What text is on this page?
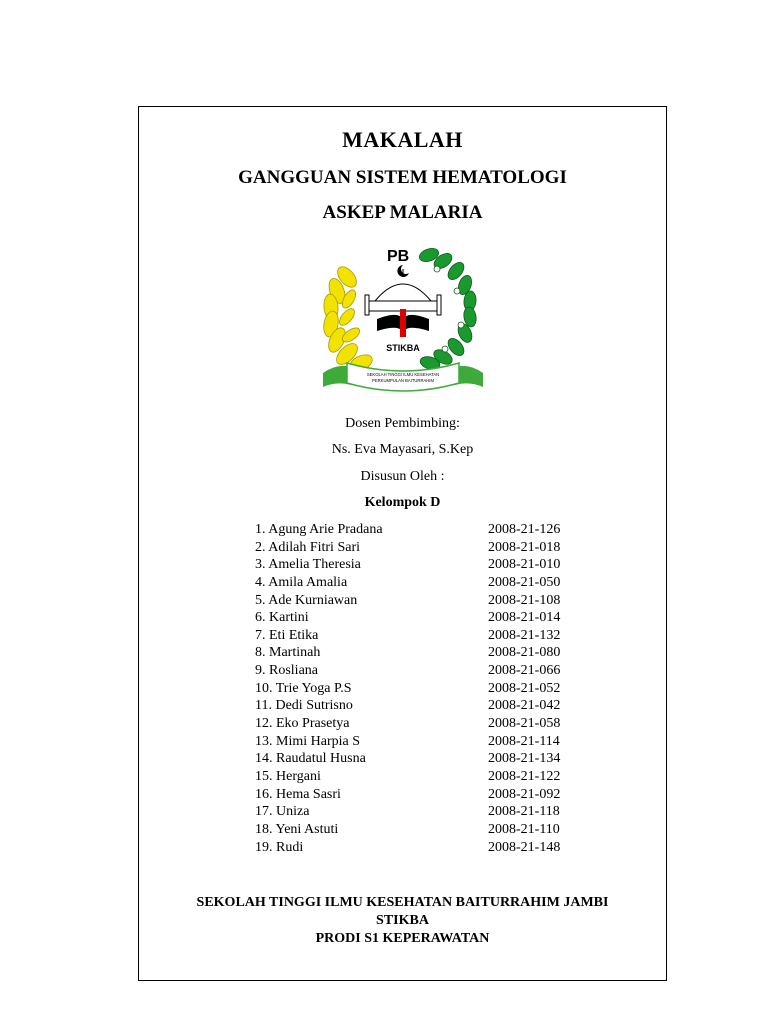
MAKALAH
GANGGUAN SISTEM HEMATOLOGI
ASKEP MALARIA
PB
STIKBA
SEKOLAH TINGGI ILMU KESEHATAN
PERKUMPULAN BAITURRAHIM
Dosen Pembimbing:
Ns. Eva Mayasari, S.Kep
Disusun Oleh :
Kelompok D
1. Agung Arie Pradana	2008-21-126
2. Adilah Fitri Sari	2008-21-018
3. Amelia Theresia	2008-21-010
4. Amila Amalia	2008-21-050
5. Ade Kurniawan	2008-21-108
6. Kartini	2008-21-014
7. Eti Etika	2008-21-132
8. Martinah	2008-21-080
9. Rosliana	2008-21-066
10. Trie Yoga P.S	2008-21-052
11. Dedi Sutrisno	2008-21-042
12. Eko Prasetya	2008-21-058
13. Mimi Harpia S	2008-21-114
14. Raudatul Husna	2008-21-134
15. Hergani	2008-21-122
16. Hema Sasri	2008-21-092
17. Uniza	2008-21-118
18. Yeni Astuti	2008-21-110
19. Rudi	2008-21-148
SEKOLAH TINGGI ILMU KESEHATAN BAITURRAHIM JAMBI
STIKBA
PRODI S1 KEPERAWATAN
